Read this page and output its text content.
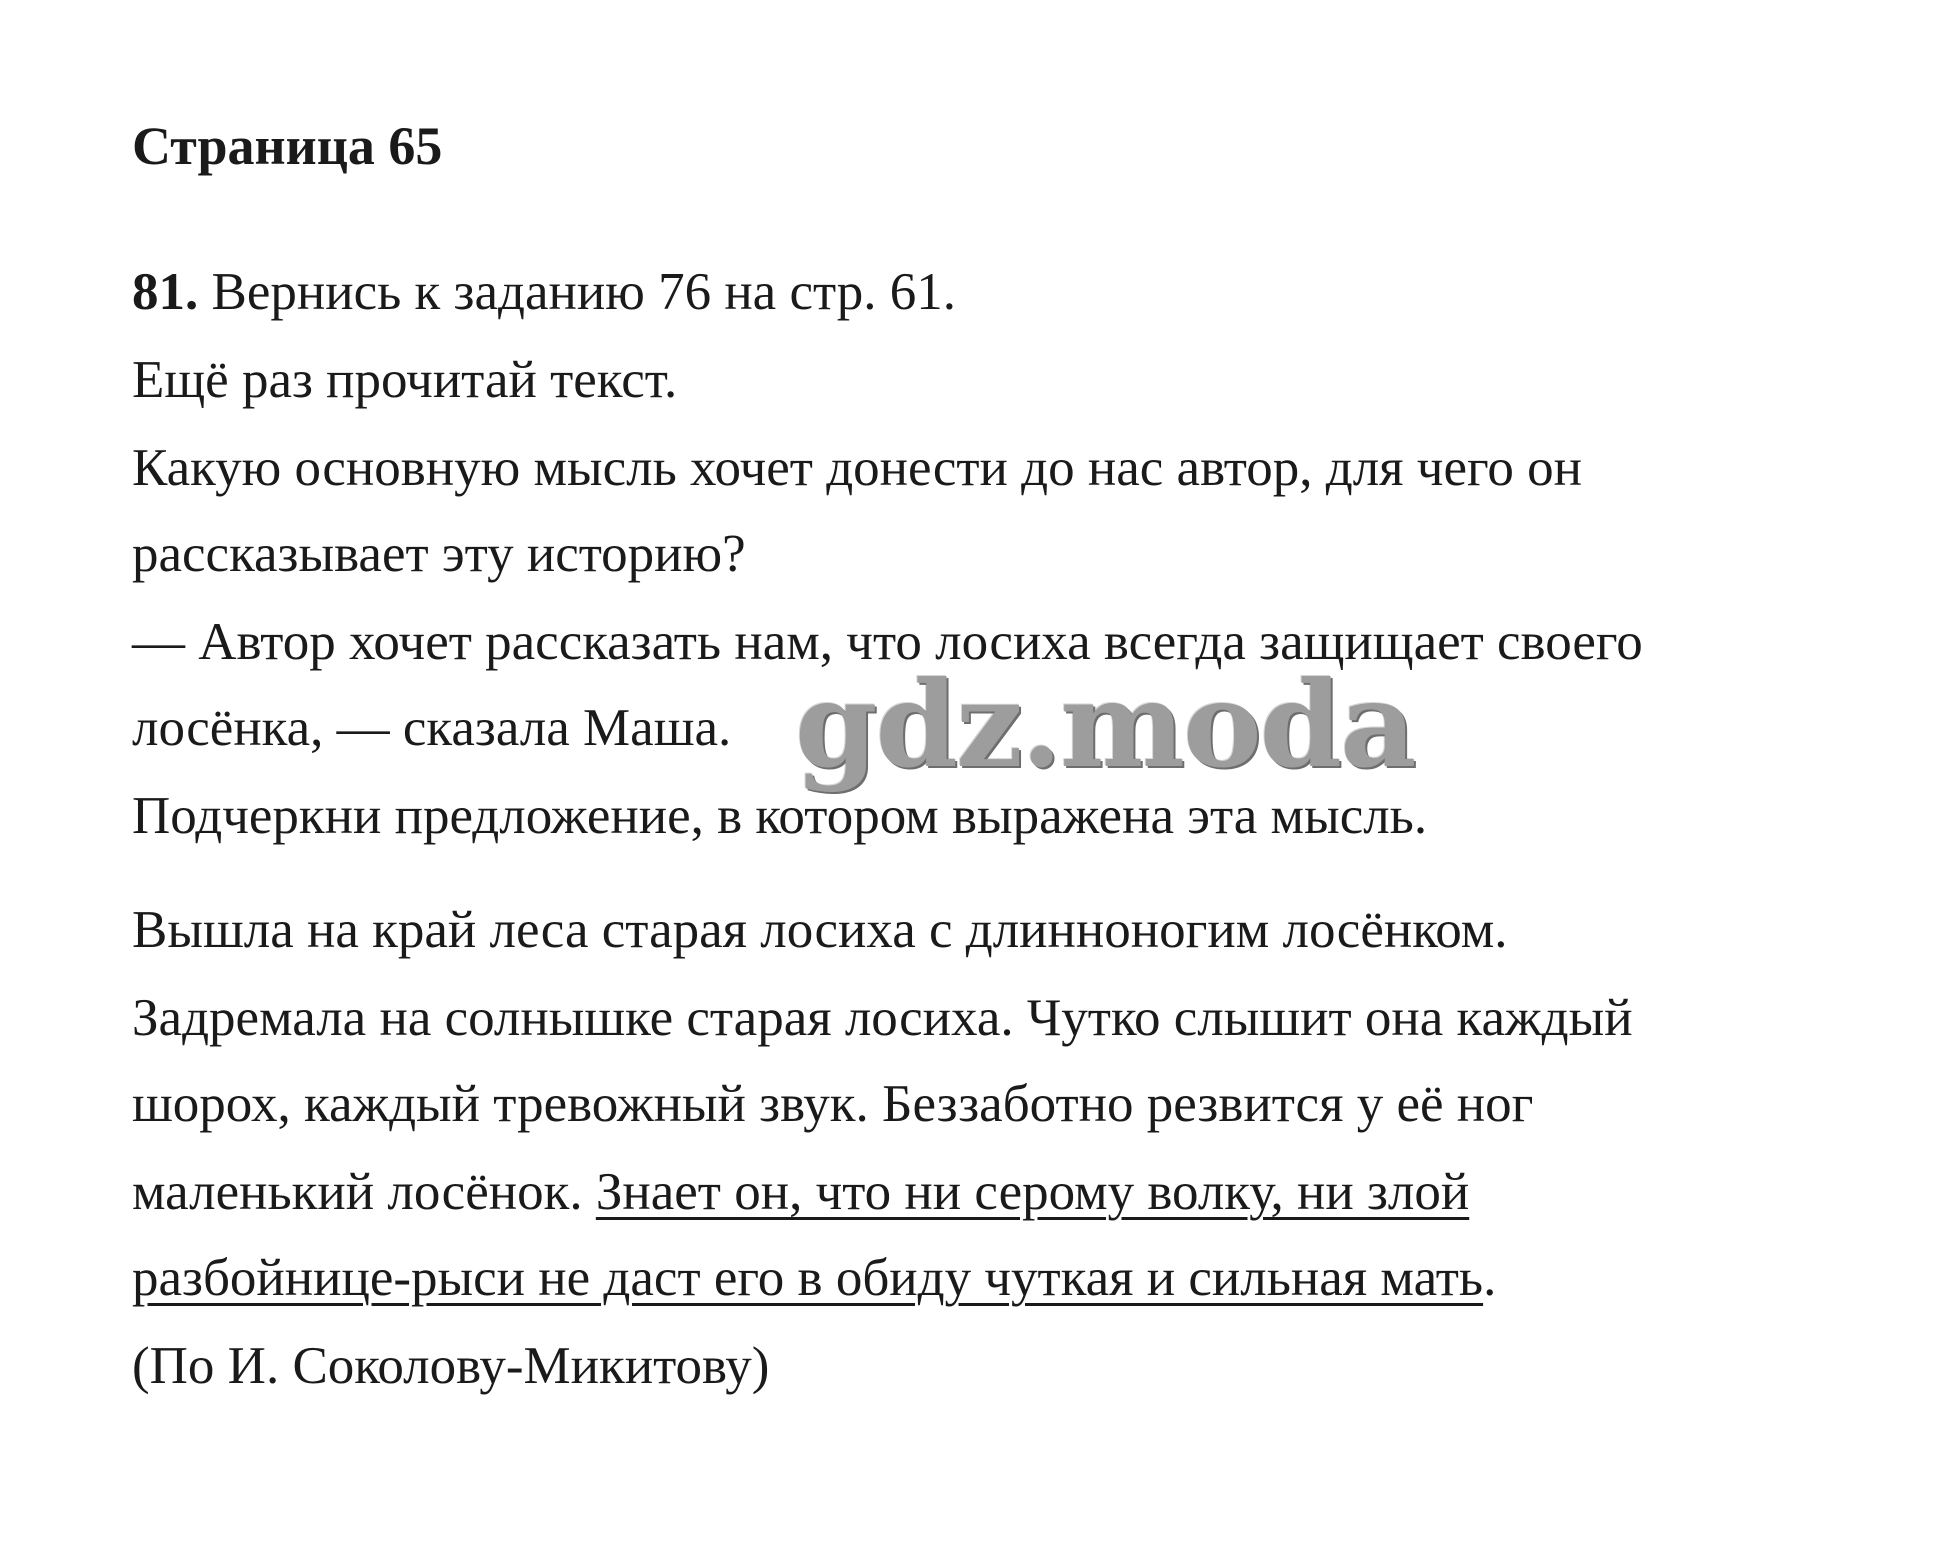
Страница 65
81. Вернись к заданию 76 на стр. 61.
Ещё раз прочитай текст.
Какую основную мысль хочет донести до нас автор, для чего он
рассказывает эту историю?
— Автор хочет рассказать нам, что лосиха всегда защищает своего
лосёнка, — сказала Маша.
Подчеркни предложение, в котором выражена эта мысль.
Вышла на край леса старая лосиха с длинноногим лосёнком.
Задремала на солнышке старая лосиха. Чутко слышит она каждый
шорох, каждый тревожный звук. Беззаботно резвится у её ног
маленький лосёнок. Знает он, что ни серому волку, ни злой
разбойнице-рыси не даст его в обиду чуткая и сильная мать.
(По И. Соколову-Микитову)
gdz.moda
